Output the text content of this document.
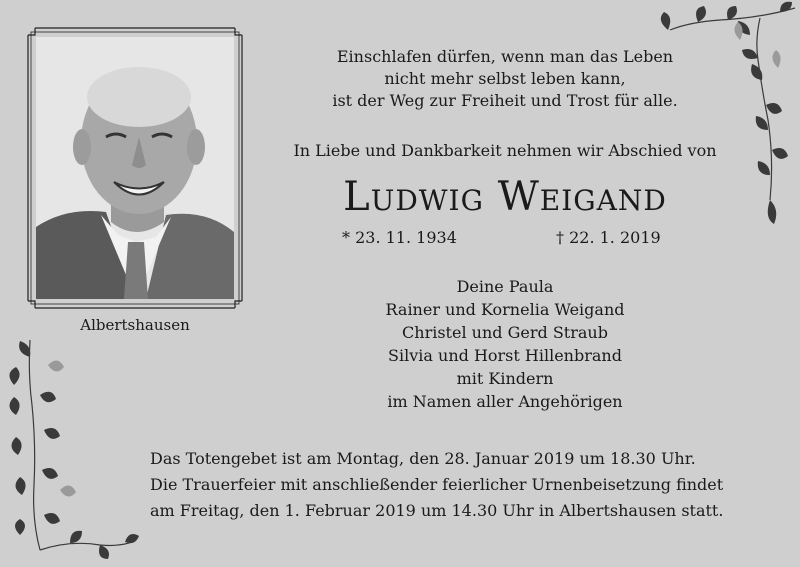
Albertshausen
Einschlafen dürfen, wenn man das Leben
nicht mehr selbst leben kann,
ist der Weg zur Freiheit und Trost für alle.
In Liebe und Dankbarkeit nehmen wir Abschied von
Ludwig Weigand
* 23. 11. 1934	† 22. 1. 2019
Deine Paula
Rainer und Kornelia Weigand
Christel und Gerd Straub
Silvia und Horst Hillenbrand
mit Kindern
im Namen aller Angehörigen
Das Totengebet ist am Montag, den 28. Januar 2019 um 18.30 Uhr.
Die Trauerfeier mit anschließender feierlicher Urnenbeisetzung findet
am Freitag, den 1. Februar 2019 um 14.30 Uhr in Albertshausen statt.
